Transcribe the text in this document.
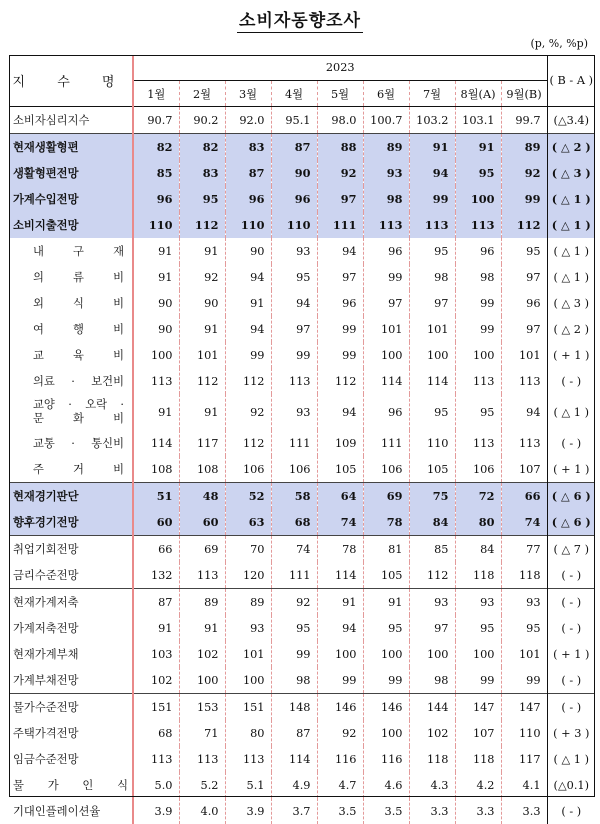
소비자동향조사
(p, %, %p)
지 수 명	2023									( B - A )
	1월	2월	3월	4월	5월	6월	7월	8월(A)	9월(B)	
소비자심리지수	90.7	90.2	92.0	95.1	98.0	100.7	103.2	103.1	99.7	(△3.4)
현재생활형편	82	82	83	87	88	89	91	91	89	( △ 2 )
생활형편전망	85	83	87	90	92	93	94	95	92	( △ 3 )
가계수입전망	96	95	96	96	97	98	99	100	99	( △ 1 )
소비지출전망	110	112	110	110	111	113	113	113	112	( △ 1 )
내 구 재	91	91	90	93	94	96	95	96	95	( △ 1 )
의 류 비	91	92	94	95	97	99	98	98	97	( △ 1 )
외 식 비	90	90	91	94	96	97	97	99	96	( △ 3 )
여 행 비	90	91	94	97	99	101	101	99	97	( △ 2 )
교 육 비	100	101	99	99	99	100	100	100	101	( + 1 )
의료 · 보건비	113	112	112	113	112	114	114	113	113	( - )

교양 · 오락 ·
문 화 비	91	91	92	93	94	96	95	95	94	( △ 1 )
교통 · 통신비	114	117	112	111	109	111	110	113	113	( - )
주 거 비	108	108	106	106	105	106	105	106	107	( + 1 )
현재경기판단	51	48	52	58	64	69	75	72	66	( △ 6 )
향후경기전망	60	60	63	68	74	78	84	80	74	( △ 6 )
취업기회전망	66	69	70	74	78	81	85	84	77	( △ 7 )
금리수준전망	132	113	120	111	114	105	112	118	118	( - )
현재가계저축	87	89	89	92	91	91	93	93	93	( - )
가계저축전망	91	91	93	95	94	95	97	95	95	( - )
현재가계부채	103	102	101	99	100	100	100	100	101	( + 1 )
가계부채전망	102	100	100	98	99	99	98	99	99	( - )
물가수준전망	151	153	151	148	146	146	144	147	147	( - )
주택가격전망	68	71	80	87	92	100	102	107	110	( + 3 )
임금수준전망	113	113	113	114	116	116	118	118	117	( △ 1 )
물 가 인 식	5.0	5.2	5.1	4.9	4.7	4.6	4.3	4.2	4.1	(△0.1)
기대인플레이션율	3.9	4.0	3.9	3.7	3.5	3.5	3.3	3.3	3.3	( - )
